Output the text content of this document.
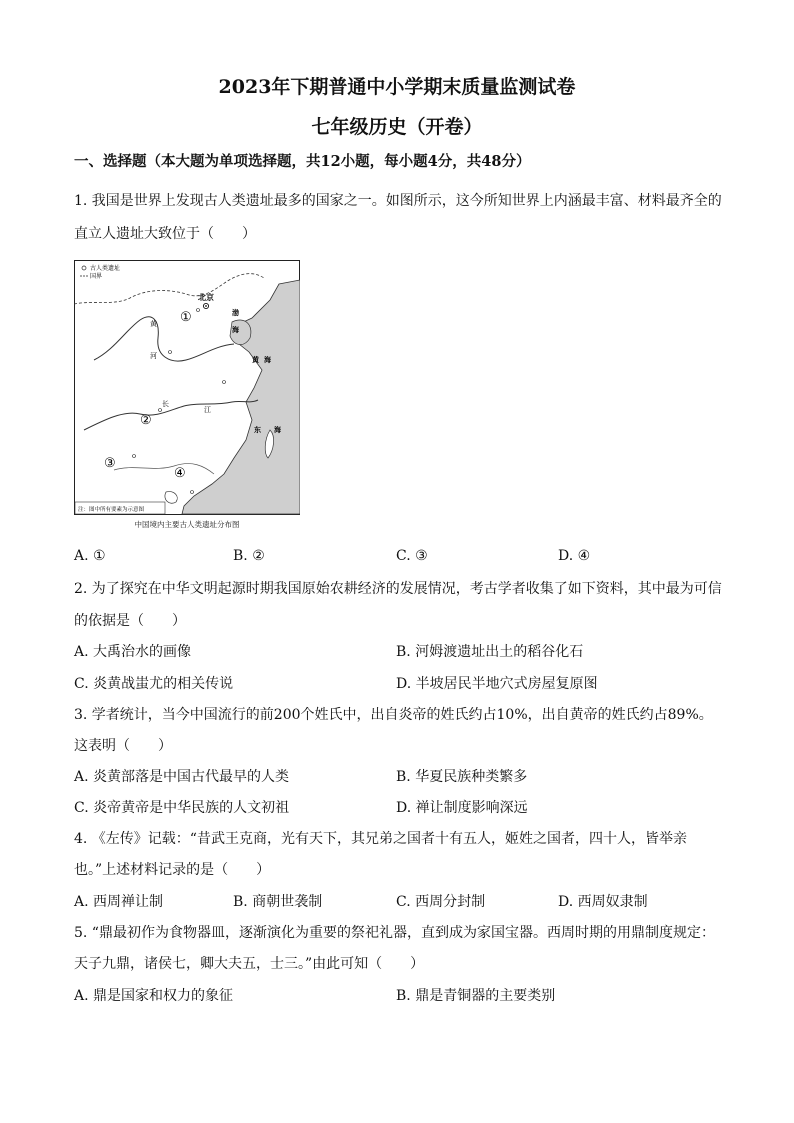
2023年下期普通中小学期末质量监测试卷
七年级历史（开卷）
一、选择题（本大题为单项选择题，共12小题，每小题4分，共48分）
1. 我国是世界上发现古人类遗址最多的国家之一。如图所示，这今所知世界上内涵最丰富、材料最齐全的
直立人遗址大致位于（　　）
古人类遗址
国界
北京
①
②
③
④
黄
河
长
江
渤
海
黄 海
东 海
注：图中所有要素为示意图
中国境内主要古人类遗址分布图
A. ①	B. ②	C. ③	D. ④
2. 为了探究在中华文明起源时期我国原始农耕经济的发展情况，考古学者收集了如下资料，其中最为可信
的依据是（　　）
A. 大禹治水的画像	B. 河姆渡遗址出土的稻谷化石
C. 炎黄战蚩尤的相关传说	D. 半坡居民半地穴式房屋复原图
3. 学者统计，当今中国流行的前200个姓氏中，出自炎帝的姓氏约占10%，出自黄帝的姓氏约占89%。
这表明（　　）
A. 炎黄部落是中国古代最早的人类	B. 华夏民族种类繁多
C. 炎帝黄帝是中华民族的人文初祖	D. 禅让制度影响深远
4. 《左传》记载：“昔武王克商，光有天下，其兄弟之国者十有五人，姬姓之国者，四十人，皆举亲
也。”上述材料记录的是（　　）
A. 西周禅让制	B. 商朝世袭制	C. 西周分封制	D. 西周奴隶制
5. “鼎最初作为食物器皿，逐渐演化为重要的祭祀礼器，直到成为家国宝器。西周时期的用鼎制度规定：
天子九鼎，诸侯七，卿大夫五，士三。”由此可知（　　）
A. 鼎是国家和权力的象征	B. 鼎是青铜器的主要类别
